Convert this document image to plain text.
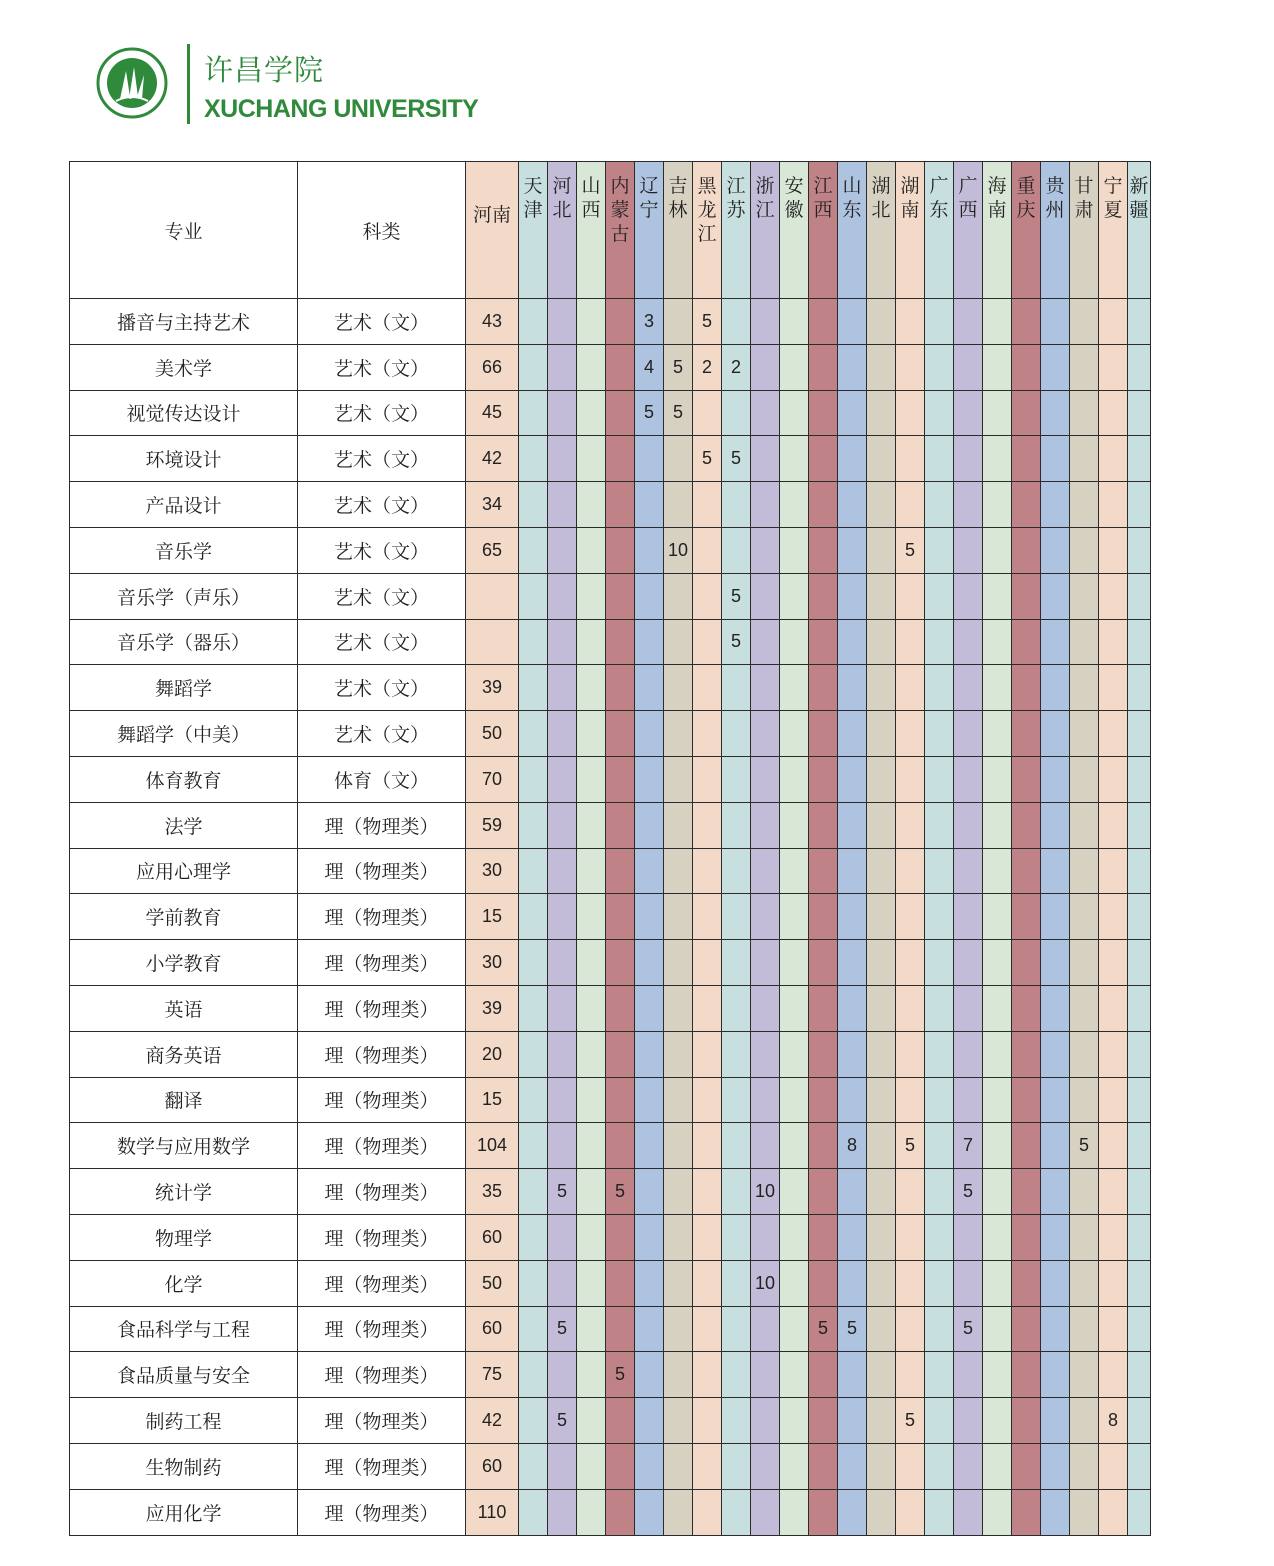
许昌学院
XUCHANG UNIVERSITY
专业	科类	河南	天津	河北	山西	内蒙古	辽宁	吉林	黑龙江	江苏	浙江	安徽	江西	山东	湖北	湖南	广东	广西	海南	重庆	贵州	甘肃	宁夏	新疆
播音与主持艺术	艺术（文）	43					3		5															
美术学	艺术（文）	66					4	5	2	2														
视觉传达设计	艺术（文）	45					5	5																
环境设计	艺术（文）	42							5	5														
产品设计	艺术（文）	34																						
音乐学	艺术（文）	65						10								5								
音乐学（声乐）	艺术（文）									5														
音乐学（器乐）	艺术（文）									5														
舞蹈学	艺术（文）	39																						
舞蹈学（中美）	艺术（文）	50																						
体育教育	体育（文）	70																						
法学	理（物理类）	59																						
应用心理学	理（物理类）	30																						
学前教育	理（物理类）	15																						
小学教育	理（物理类）	30																						
英语	理（物理类）	39																						
商务英语	理（物理类）	20																						
翻译	理（物理类）	15																						
数学与应用数学	理（物理类）	104												8		5		7				5		
统计学	理（物理类）	35		5		5					10							5						
物理学	理（物理类）	60																						
化学	理（物理类）	50									10													
食品科学与工程	理（物理类）	60		5									5	5				5						
食品质量与安全	理（物理类）	75				5																		
制药工程	理（物理类）	42		5												5							8	
生物制药	理（物理类）	60																						
应用化学	理（物理类）	110																						
